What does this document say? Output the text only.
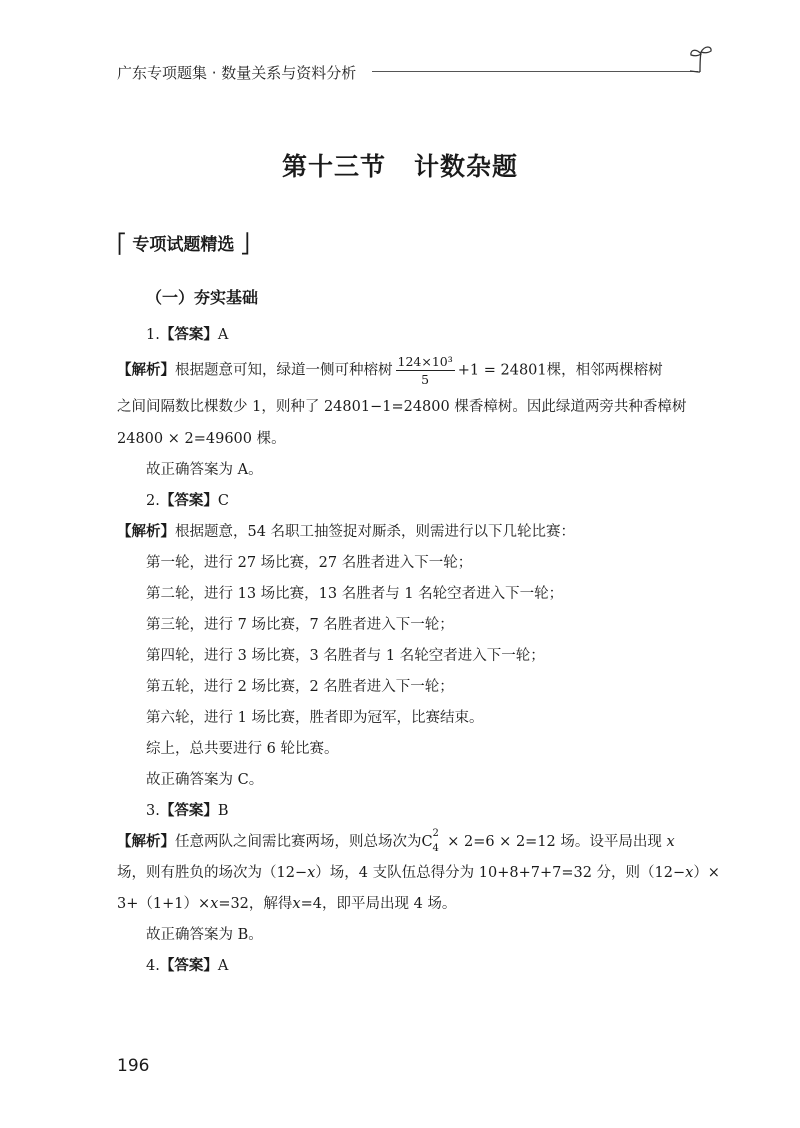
广东专项题集 · 数量关系与资料分析
第十三节 计数杂题
⎡ 专项试题精选 ⎦
（一）夯实基础
1.【答案】A
【解析】根据题意可知，绿道一侧可种榕树 $\frac{\text{124×10³}}{5} +1 = 24801$棵，相邻两棵榕树
之间间隔数比棵数少 1，则种了 24801−1=24800 棵香樟树。因此绿道两旁共种香樟树
24800 × 2=49600 棵。
故正确答案为 A。
2.【答案】C
【解析】根据题意，54 名职工抽签捉对厮杀，则需进行以下几轮比赛：
第一轮，进行 27 场比赛，27 名胜者进入下一轮；
第二轮，进行 13 场比赛，13 名胜者与 1 名轮空者进入下一轮；
第三轮，进行 7 场比赛，7 名胜者进入下一轮；
第四轮，进行 3 场比赛，3 名胜者与 1 名轮空者进入下一轮；
第五轮，进行 2 场比赛，2 名胜者进入下一轮；
第六轮，进行 1 场比赛，胜者即为冠军，比赛结束。
综上，总共要进行 6 轮比赛。
故正确答案为 C。
3.【答案】B
【解析】任意两队之间需比赛两场，则总场次为C
2
4 × 2=6 × 2=12 场。设平局出现 x
场，则有胜负的场次为（12−x）场，4 支队伍总得分为 10+8+7+7=32 分，则（12−x）×
3+（1+1）×x=32，解得x=4，即平局出现 4 场。
故正确答案为 B。
4.【答案】A
196
